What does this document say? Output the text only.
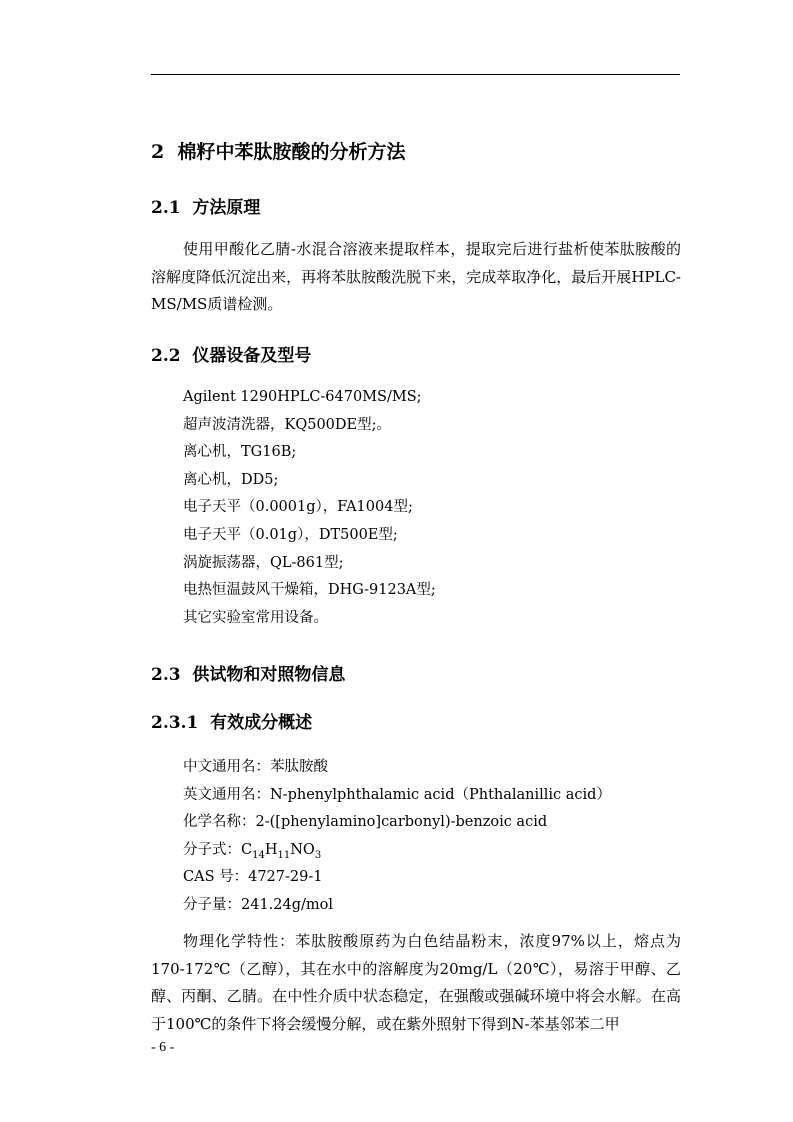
2 棉籽中苯肽胺酸的分析方法
2.1 方法原理

使用甲酸化乙腈-水混合溶液来提取样本，提取完后进行盐析使苯肽胺酸的溶解度降低沉淀出来，再将苯肽胺酸洗脱下来，完成萃取净化，最后开展HPLC-MS/MS质谱检测。

2.2 仪器设备及型号
Agilent 1290HPLC-6470MS/MS;
超声波清洗器，KQ500DE型;。
离心机，TG16B;
离心机，DD5;
电子天平（0.0001g），FA1004型;
电子天平（0.01g），DT500E型;
涡旋振荡器，QL-861型;
电热恒温鼓风干燥箱，DHG-9123A型;
其它实验室常用设备。
2.3 供试物和对照物信息
2.3.1 有效成分概述
中文通用名：苯肽胺酸
英文通用名：N-phenylphthalamic acid（Phthalanillic acid）
化学名称：2-([phenylamino]carbonyl)-benzoic acid
分子式：$C_{14}H_{11}NO_3$
CAS 号：4727-29-1
分子量：241.24g/mol

物理化学特性：苯肽胺酸原药为白色结晶粉末，浓度97%以上，熔点为170-172℃（乙醇），其在水中的溶解度为20mg/L（20℃），易溶于甲醇、乙醇、丙酮、乙腈。在中性介质中状态稳定，在强酸或强碱环境中将会水解。在高于100℃的条件下将会缓慢分解，或在紫外照射下得到N-苯基邻苯二甲

- 6 -
